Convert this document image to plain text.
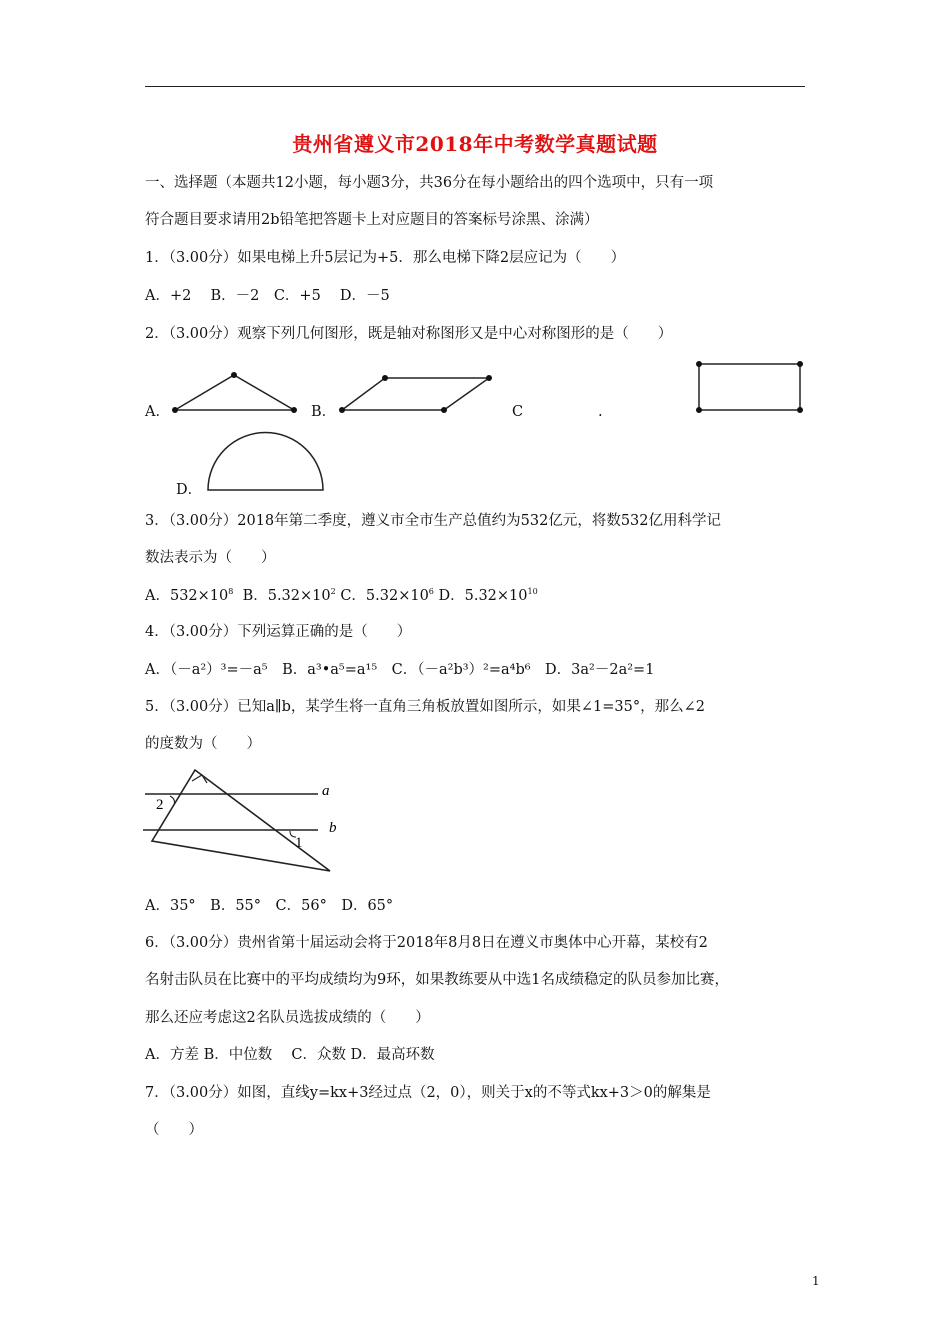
贵州省遵义市2018年中考数学真题试题
一、选择题（本题共12小题，每小题3分，共36分在每小题给出的四个选项中，只有一项
符合题目要求请用2b铅笔把答题卡上对应题目的答案标号涂黑、涂满）
1．（3.00分）如果电梯上升5层记为+5．那么电梯下降2层应记为（　　）
A．+2　 B．－2　C．+5　 D．－5
2．（3.00分）观察下列几何图形，既是轴对称图形又是中心对称图形的是（　　）
A．	B．	C	.
D．
3．（3.00分）2018年第二季度，遵义市全市生产总值约为532亿元，将数532亿用科学记
数法表示为（　　）
A．$532\times 10^8$ B．$5.32\times 10^2$ C．$5.32\times 10^6$ D．$5.32\times 10^{10}$
4．（3.00分）下列运算正确的是（　　）
A．（－a²）³=－a⁵　B．a³•a⁵=a¹⁵　C．（－a²b³）²=a⁴b⁶　D．3a²－2a²=1
5．（3.00分）已知a∥b，某学生将一直角三角板放置如图所示，如果∠1=35°，那么∠2
的度数为（　　）
a
b
1
2
A．35°　B．55°　C．56°　D．65°
6．（3.00分）贵州省第十届运动会将于2018年8月8日在遵义市奥体中心开幕，某校有2
名射击队员在比赛中的平均成绩均为9环，如果教练要从中选1名成绩稳定的队员参加比赛，
那么还应考虑这2名队员选拔成绩的（　　）
A．方差 B．中位数　 C．众数 D．最高环数
7．（3.00分）如图，直线y=kx+3经过点（2，0），则关于x的不等式kx+3＞0的解集是
（　　）
1
